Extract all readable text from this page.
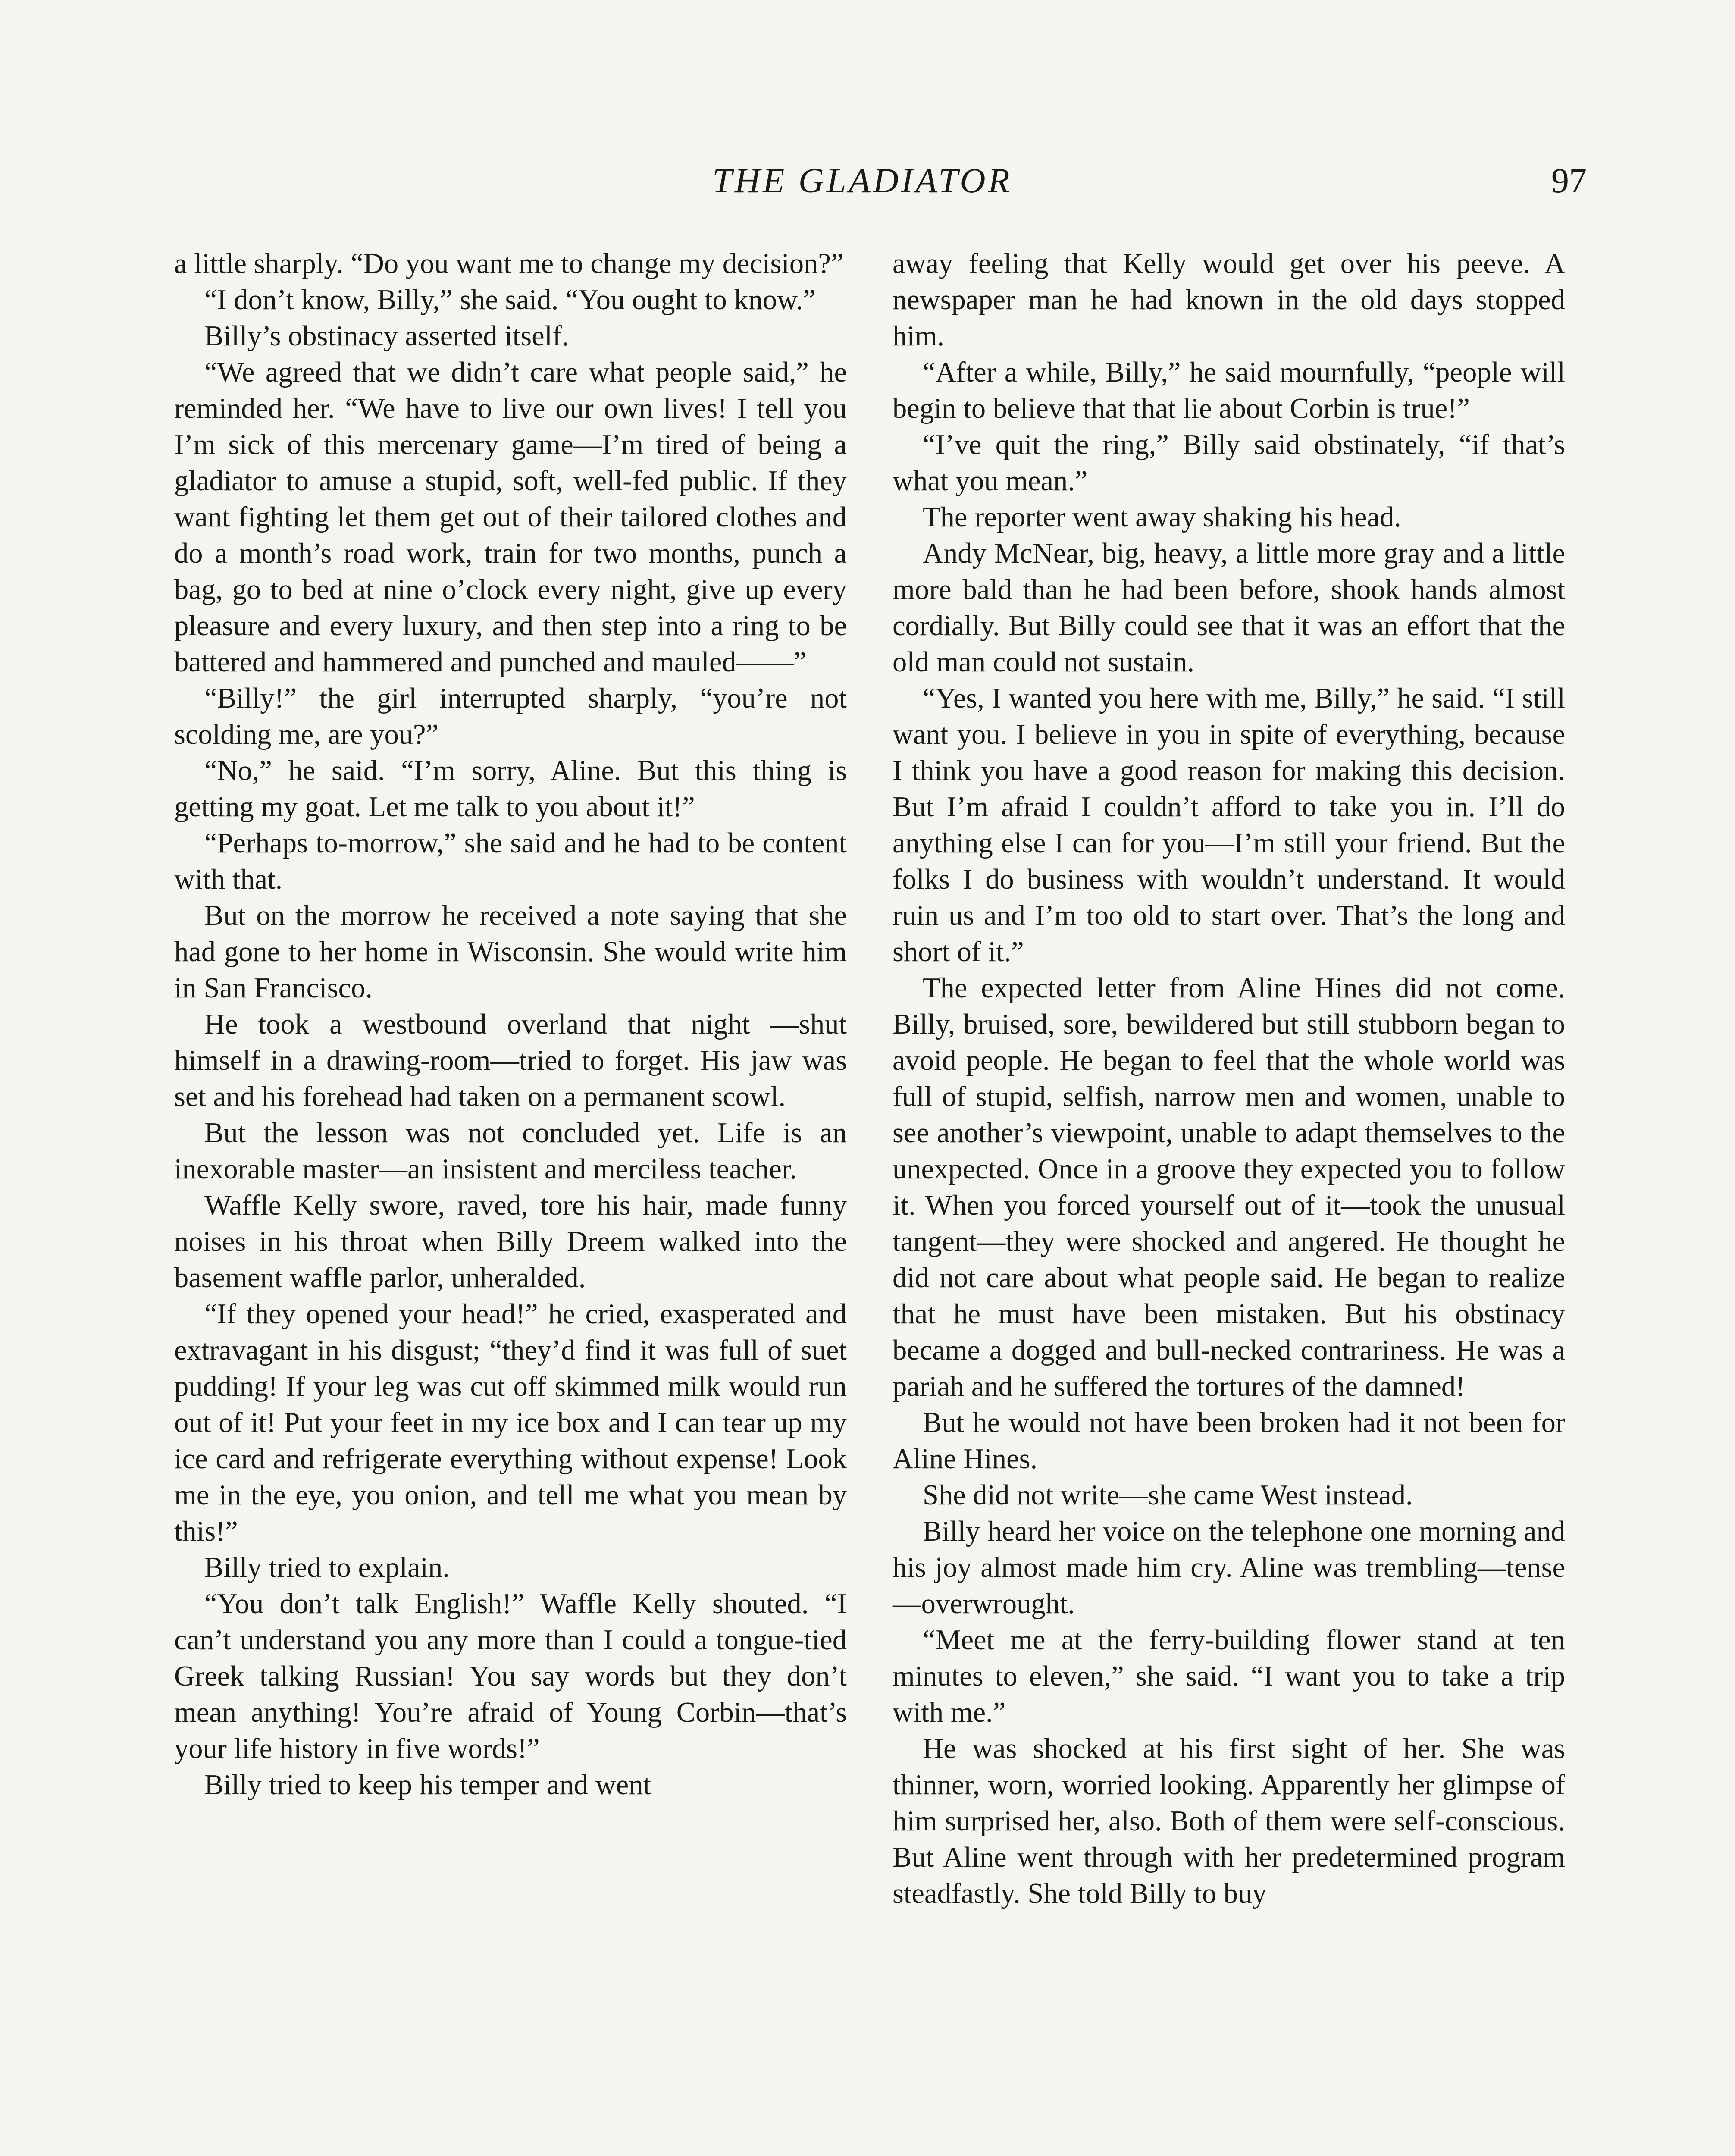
THE GLADIATOR	97

a little sharply. “Do you want me to change my decision?”

“I don’t know, Billy,” she said. “You ought to know.”

Billy’s obstinacy asserted itself.

“We agreed that we didn’t care what people said,” he reminded her. “We have to live our own lives! I tell you I’m sick of this mercenary game—I’m tired of being a gladiator to amuse a stupid, soft, well-fed public. If they want fighting let them get out of their tailored clothes and do a month’s road work, train for two months, punch a bag, go to bed at nine o’clock every night, give up every pleasure and every luxury, and then step into a ring to be battered and hammered and punched and mauled——”

“Billy!” the girl interrupted sharply, “you’re not scolding me, are you?”

“No,” he said. “I’m sorry, Aline. But this thing is getting my goat. Let me talk to you about it!”

“Perhaps to-morrow,” she said and he had to be content with that.

But on the morrow he received a note saying that she had gone to her home in Wisconsin. She would write him in San Francisco.

He took a westbound overland that night —shut himself in a drawing-room—tried to forget. His jaw was set and his forehead had taken on a permanent scowl.

But the lesson was not concluded yet. Life is an inexorable master—an insistent and merciless teacher.

Waffle Kelly swore, raved, tore his hair, made funny noises in his throat when Billy Dreem walked into the basement waffle parlor, unheralded.

“If they opened your head!” he cried, exasperated and extravagant in his disgust; “they’d find it was full of suet pudding! If your leg was cut off skimmed milk would run out of it! Put your feet in my ice box and I can tear up my ice card and refrigerate everything without expense! Look me in the eye, you onion, and tell me what you mean by this!”

Billy tried to explain.

“You don’t talk English!” Waffle Kelly shouted. “I can’t understand you any more than I could a tongue-tied Greek talking Russian! You say words but they don’t mean anything! You’re afraid of Young Corbin—that’s your life history in five words!”

Billy tried to keep his temper and went

away feeling that Kelly would get over his peeve. A newspaper man he had known in the old days stopped him.

“After a while, Billy,” he said mournfully, “people will begin to believe that that lie about Corbin is true!”

“I’ve quit the ring,” Billy said obstinately, “if that’s what you mean.”

The reporter went away shaking his head.

Andy McNear, big, heavy, a little more gray and a little more bald than he had been before, shook hands almost cordially. But Billy could see that it was an effort that the old man could not sustain.

“Yes, I wanted you here with me, Billy,” he said. “I still want you. I believe in you in spite of everything, because I think you have a good reason for making this decision. But I’m afraid I couldn’t afford to take you in. I’ll do anything else I can for you—I’m still your friend. But the folks I do business with wouldn’t understand. It would ruin us and I’m too old to start over. That’s the long and short of it.”

The expected letter from Aline Hines did not come. Billy, bruised, sore, bewildered but still stubborn began to avoid people. He began to feel that the whole world was full of stupid, selfish, narrow men and women, unable to see another’s viewpoint, unable to adapt themselves to the unexpected. Once in a groove they expected you to follow it. When you forced yourself out of it—took the unusual tangent—they were shocked and angered. He thought he did not care about what people said. He began to realize that he must have been mistaken. But his obstinacy became a dogged and bull-necked contrariness. He was a pariah and he suffered the tortures of the damned!

But he would not have been broken had it not been for Aline Hines.

She did not write—she came West instead.

Billy heard her voice on the telephone one morning and his joy almost made him cry. Aline was trembling—tense—overwrought.

“Meet me at the ferry-building flower stand at ten minutes to eleven,” she said. “I want you to take a trip with me.”

He was shocked at his first sight of her. She was thinner, worn, worried looking. Apparently her glimpse of him surprised her, also. Both of them were self-conscious. But Aline went through with her predetermined program steadfastly. She told Billy to buy
